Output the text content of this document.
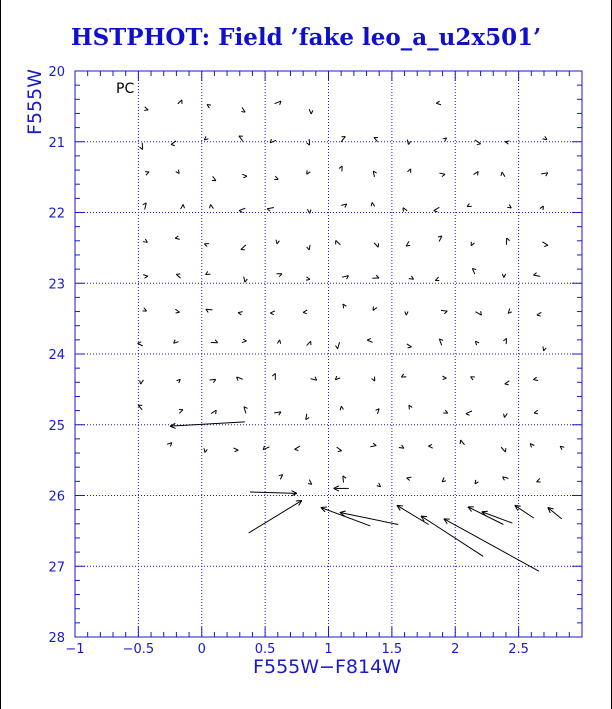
HSTPHOT: Field ’fake leo_a_u2x501’
−1	−0.5	0	0.5	1	1.5	2	2.5
20
21
22
23
24
25
26
27
28
PC
F555W−F814W
F555W
